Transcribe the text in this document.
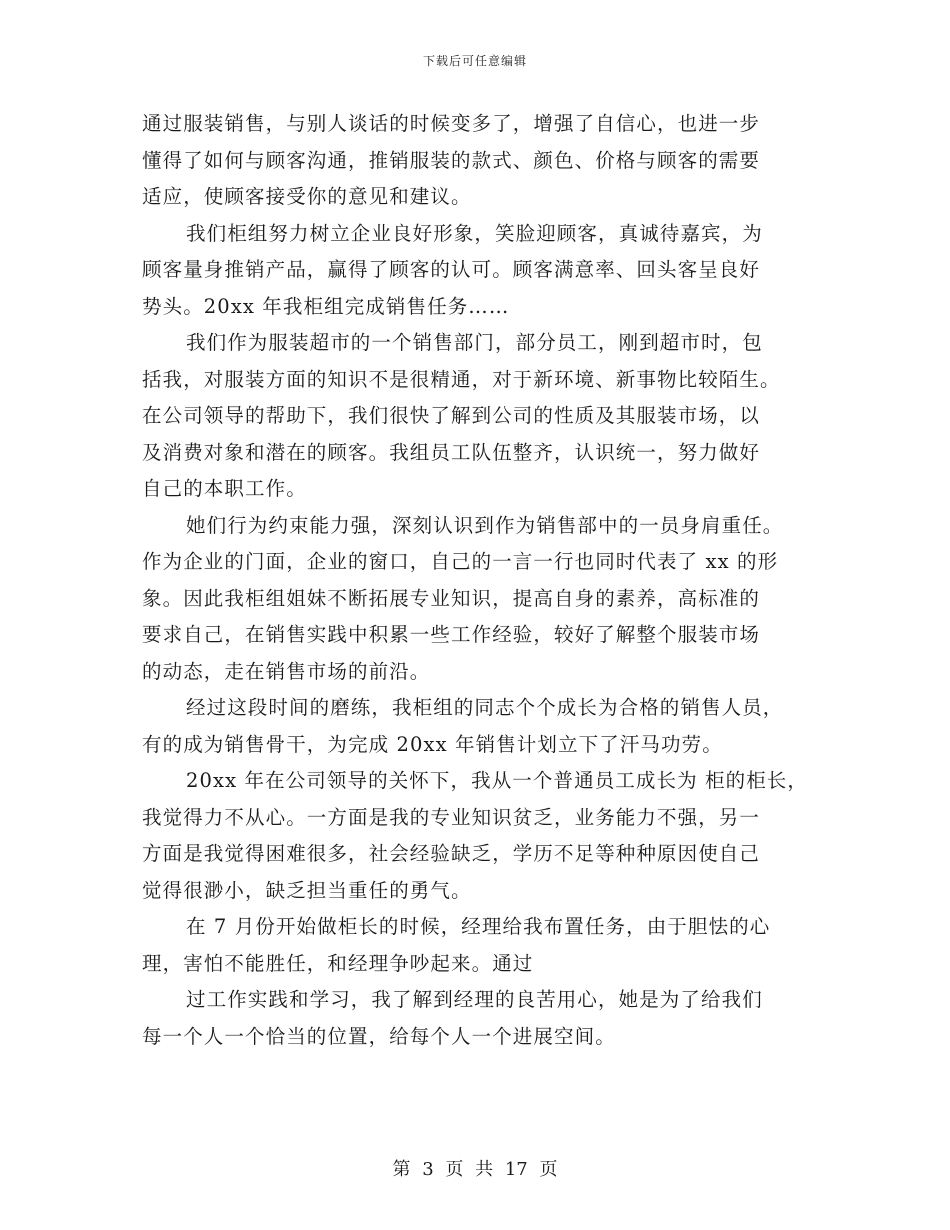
下载后可任意编辑

通过服装销售，与别人谈话的时候变多了，增强了自信心，也进一步
懂得了如何与顾客沟通，推销服装的款式、颜色、价格与顾客的需要
适应，使顾客接受你的意见和建议。

我们柜组努力树立企业良好形象，笑脸迎顾客，真诚待嘉宾，为
顾客量身推销产品，赢得了顾客的认可。顾客满意率、回头客呈良好
势头。20xx 年我柜组完成销售任务……

我们作为服装超市的一个销售部门，部分员工，刚到超市时，包
括我，对服装方面的知识不是很精通，对于新环境、新事物比较陌生。
在公司领导的帮助下，我们很快了解到公司的性质及其服装市场，以
及消费对象和潜在的顾客。我组员工队伍整齐，认识统一，努力做好
自己的本职工作。

她们行为约束能力强，深刻认识到作为销售部中的一员身肩重任。
作为企业的门面，企业的窗口，自己的一言一行也同时代表了 xx 的形
象。因此我柜组姐妹不断拓展专业知识，提高自身的素养，高标准的
要求自己，在销售实践中积累一些工作经验，较好了解整个服装市场
的动态，走在销售市场的前沿。

经过这段时间的磨练，我柜组的同志个个成长为合格的销售人员，
有的成为销售骨干，为完成 20xx 年销售计划立下了汗马功劳。

20xx 年在公司领导的关怀下，我从一个普通员工成长为 柜的柜长，
我觉得力不从心。一方面是我的专业知识贫乏，业务能力不强，另一
方面是我觉得困难很多，社会经验缺乏，学历不足等种种原因使自己
觉得很渺小，缺乏担当重任的勇气。

在 7 月份开始做柜长的时候，经理给我布置任务，由于胆怯的心
理，害怕不能胜任，和经理争吵起来。通过

过工作实践和学习，我了解到经理的良苦用心，她是为了给我们
每一个人一个恰当的位置，给每个人一个进展空间。

第 3 页 共 17 页
